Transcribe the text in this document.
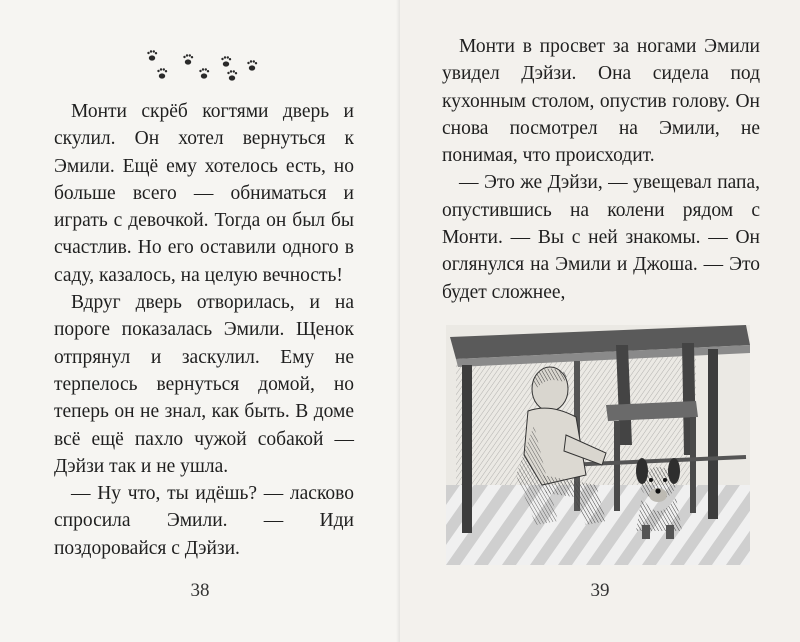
Монти скрёб когтями дверь и скулил. Он хотел вернуться к Эмили. Ещё ему хотелось есть, но больше всего — обниматься и играть с девочкой. Тогда он был бы счастлив. Но его оставили одного в саду, казалось, на целую вечность!

Вдруг дверь отворилась, и на пороге показалась Эмили. Щенок отпрянул и заскулил. Ему не терпелось вернуться домой, но теперь он не знал, как быть. В доме всё ещё пахло чужой собакой — Дэйзи так и не ушла.

— Ну что, ты идёшь? — ласково спросила Эмили. — Иди поздоровайся с Дэйзи.

38

Монти в просвет за ногами Эмили увидел Дэйзи. Она сидела под кухонным столом, опустив голову. Он снова посмотрел на Эмили, не понимая, что происходит.

— Это же Дэйзи, — увещевал папа, опустившись на колени рядом с Монти. — Вы с ней знакомы. — Он оглянулся на Эмили и Джоша. — Это будет сложнее,

39
